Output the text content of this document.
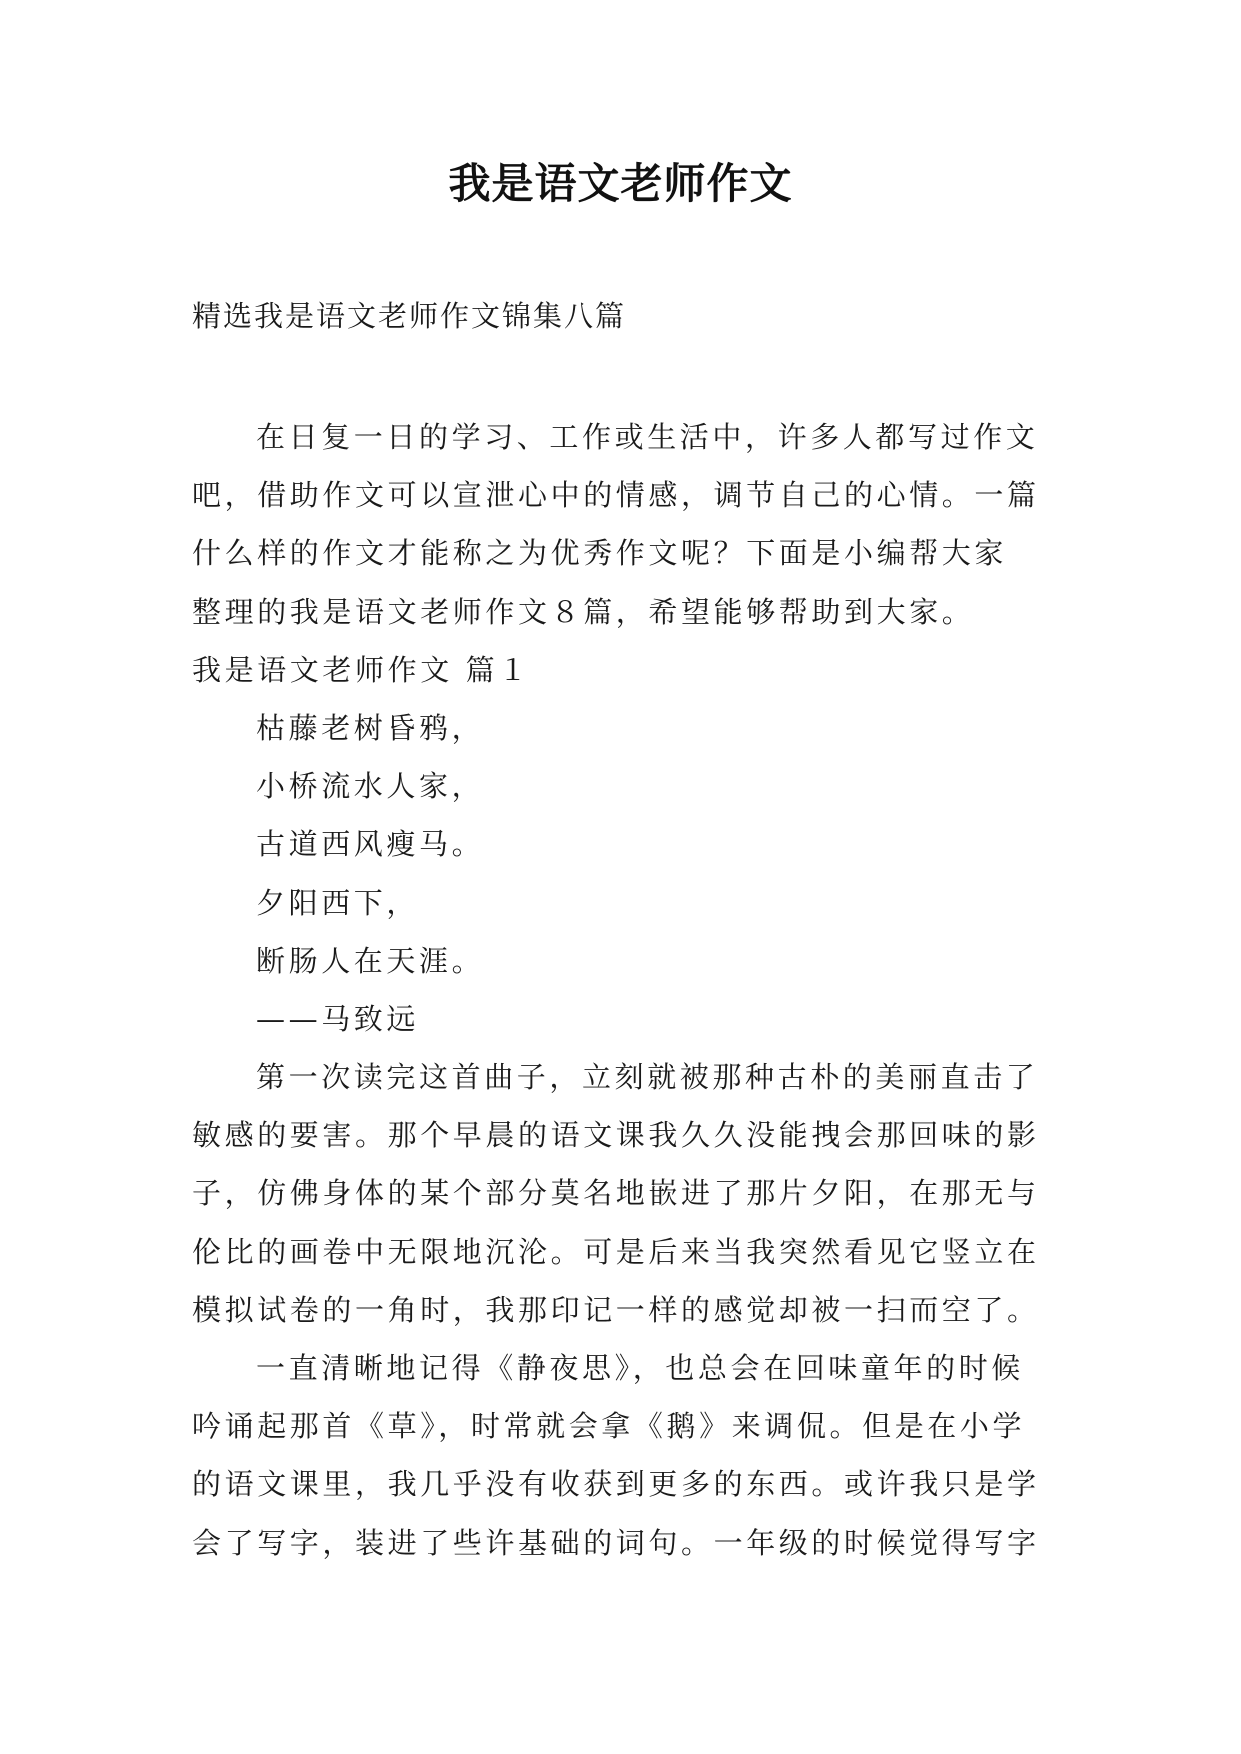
我是语文老师作文
精选我是语文老师作文锦集八篇
在日复一日的学习、工作或生活中，许多人都写过作文
吧，借助作文可以宣泄心中的情感，调节自己的心情。一篇
什么样的作文才能称之为优秀作文呢？下面是小编帮大家
整理的我是语文老师作文８篇，希望能够帮助到大家。
我是语文老师作文 篇１
枯藤老树昏鸦，
小桥流水人家，
古道西风瘦马。
夕阳西下，
断肠人在天涯。
——马致远
第一次读完这首曲子，立刻就被那种古朴的美丽直击了
敏感的要害。那个早晨的语文课我久久没能拽会那回味的影
子，仿佛身体的某个部分莫名地嵌进了那片夕阳，在那无与
伦比的画卷中无限地沉沦。可是后来当我突然看见它竖立在
模拟试卷的一角时，我那印记一样的感觉却被一扫而空了。
一直清晰地记得《静夜思》，也总会在回味童年的时候
吟诵起那首《草》，时常就会拿《鹅》来调侃。但是在小学
的语文课里，我几乎没有收获到更多的东西。或许我只是学
会了写字，装进了些许基础的词句。一年级的时候觉得写字
